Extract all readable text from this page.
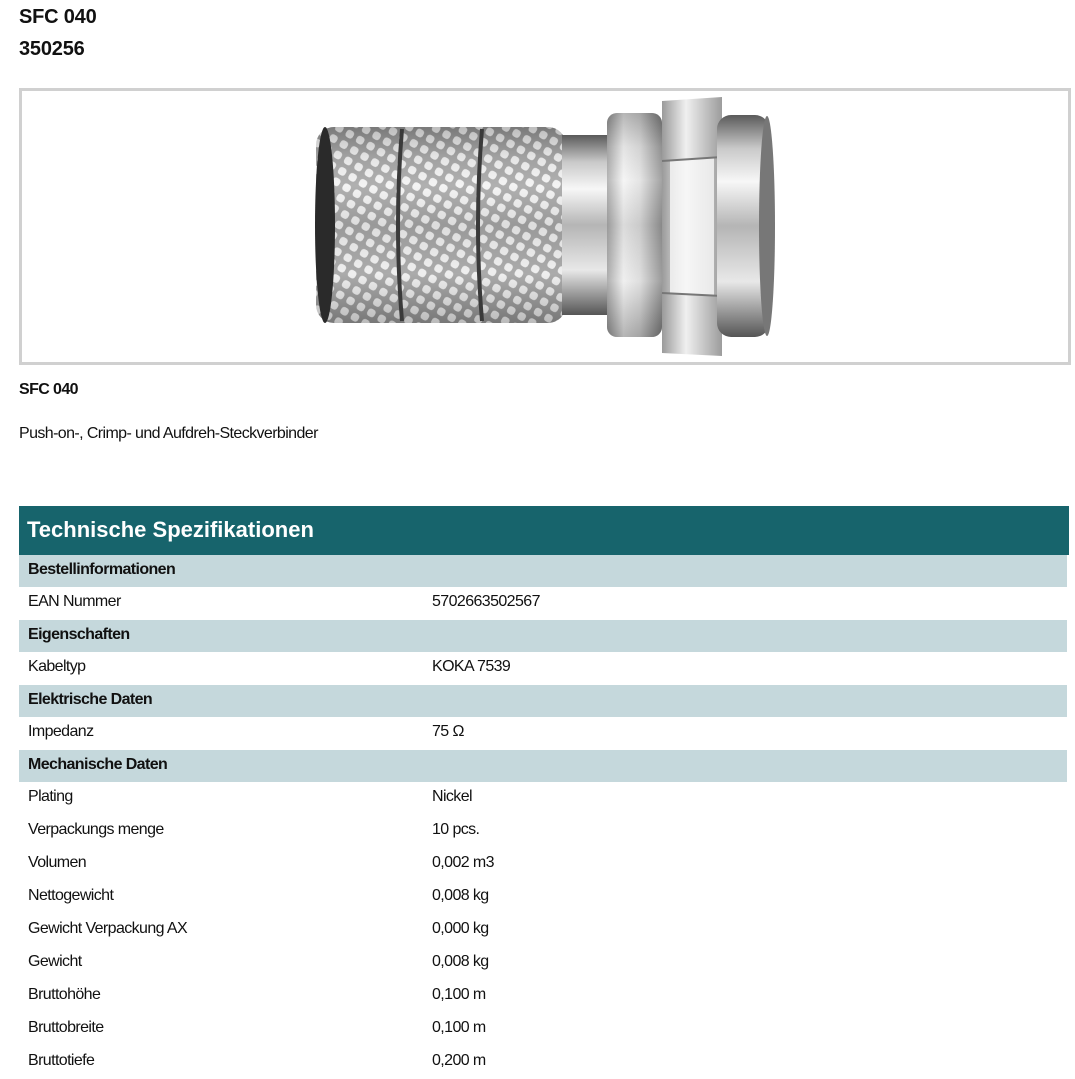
SFC 040
350256
SFC 040
Push-on-, Crimp- und Aufdreh-Steckverbinder
Technische Spezifikationen
Bestellinformationen
EAN Nummer	5702663502567
Eigenschaften
Kabeltyp	KOKA 7539
Elektrische Daten
Impedanz	75 Ω
Mechanische Daten
Plating	Nickel
Verpackungs menge	10 pcs.
Volumen	0,002 m3
Nettogewicht	0,008 kg
Gewicht Verpackung AX	0,000 kg
Gewicht	0,008 kg
Bruttohöhe	0,100 m
Bruttobreite	0,100 m
Bruttotiefe	0,200 m
